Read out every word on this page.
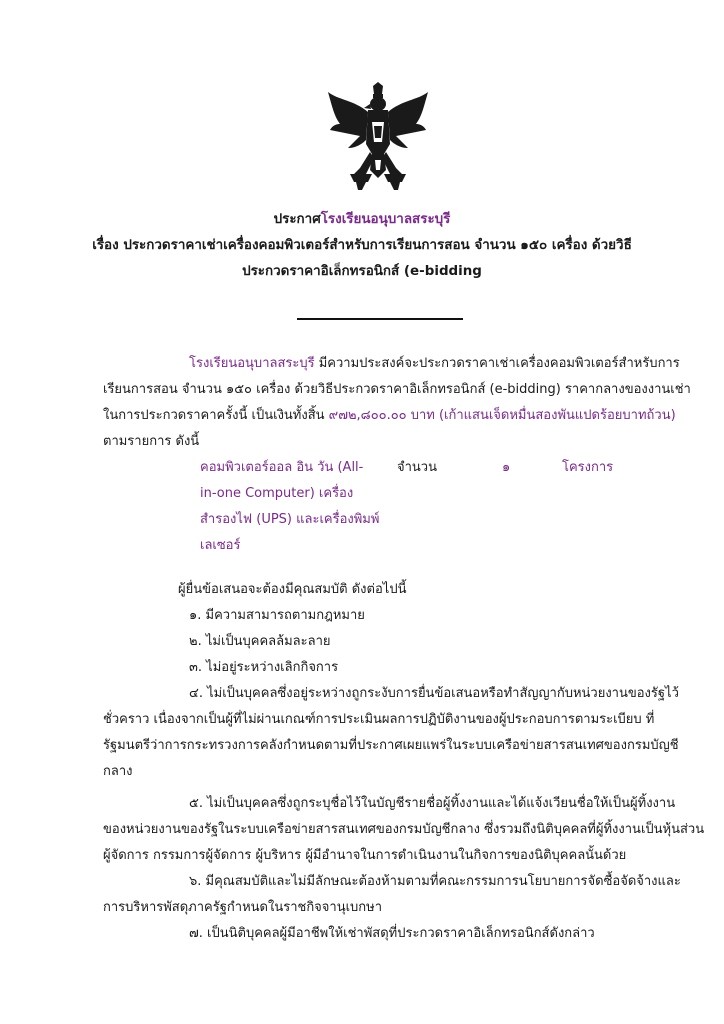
ประกาศโรงเรียนอนุบาลสระบุรี
เรื่อง ประกวดราคาเช่าเครื่องคอมพิวเตอร์สำหรับการเรียนการสอน จำนวน ๑๕๐ เครื่อง ด้วยวิธี
ประกวดราคาอิเล็กทรอนิกส์ (e-bidding
โรงเรียนอนุบาลสระบุรี มีความประสงค์จะประกวดราคาเช่าเครื่องคอมพิวเตอร์สำหรับการ
เรียนการสอน จำนวน ๑๕๐ เครื่อง ด้วยวิธีประกวดราคาอิเล็กทรอนิกส์ (e-bidding) ราคากลางของงานเช่า
ในการประกวดราคาครั้งนี้ เป็นเงินทั้งสิ้น ๙๗๒,๘๐๐.๐๐ บาท (เก้าแสนเจ็ดหมื่นสองพันแปดร้อยบาทถ้วน)
ตามรายการ ดังนี้
คอมพิวเตอร์ออล อิน วัน (All-
in-one Computer) เครื่อง
สำรองไฟ (UPS) และเครื่องพิมพ์
เลเซอร์
จำนวน	๑	โครงการ
ผู้ยื่นข้อเสนอจะต้องมีคุณสมบัติ ดังต่อไปนี้
๑. มีความสามารถตามกฎหมาย
๒. ไม่เป็นบุคคลล้มละลาย
๓. ไม่อยู่ระหว่างเลิกกิจการ
๔. ไม่เป็นบุคคลซึ่งอยู่ระหว่างถูกระงับการยื่นข้อเสนอหรือทำสัญญากับหน่วยงานของรัฐไว้
ชั่วคราว เนื่องจากเป็นผู้ที่ไม่ผ่านเกณฑ์การประเมินผลการปฏิบัติงานของผู้ประกอบการตามระเบียบ ที่
รัฐมนตรีว่าการกระทรวงการคลังกำหนดตามที่ประกาศเผยแพร่ในระบบเครือข่ายสารสนเทศของกรมบัญชี
กลาง
๕. ไม่เป็นบุคคลซึ่งถูกระบุชื่อไว้ในบัญชีรายชื่อผู้ทิ้งงานและได้แจ้งเวียนชื่อให้เป็นผู้ทิ้งงาน
ของหน่วยงานของรัฐในระบบเครือข่ายสารสนเทศของกรมบัญชีกลาง ซึ่งรวมถึงนิติบุคคลที่ผู้ทิ้งงานเป็นหุ้นส่วน
ผู้จัดการ กรรมการผู้จัดการ ผู้บริหาร ผู้มีอำนาจในการดำเนินงานในกิจการของนิติบุคคลนั้นด้วย
๖. มีคุณสมบัติและไม่มีลักษณะต้องห้ามตามที่คณะกรรมการนโยบายการจัดซื้อจัดจ้างและ
การบริหารพัสดุภาครัฐกำหนดในราชกิจจานุเบกษา
๗. เป็นนิติบุคคลผู้มีอาชีพให้เช่าพัสดุที่ประกวดราคาอิเล็กทรอนิกส์ดังกล่าว
